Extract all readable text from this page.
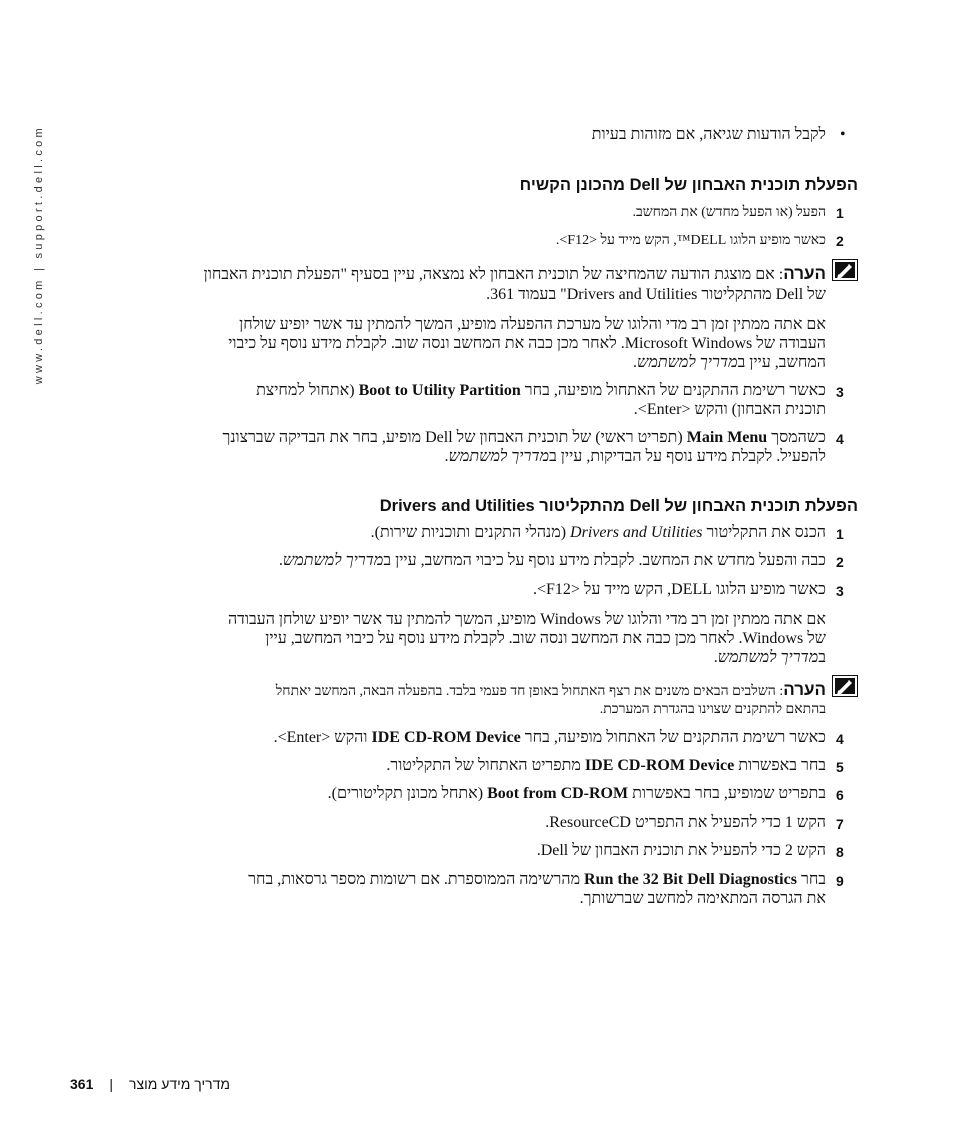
www.dell.com | support.dell.com	•
לקבל הודעות שגיאה, אם מזוהות בעיות
הפעלת תוכנית האבחון של Dell מהכונן הקשיח
1
הפעל (או הפעל מחדש) את המחשב.
2
כאשר מופיע הלוגו DELL™, הקש מייד על <F12>.
הערה: אם מוצגת הודעה שהמחיצה של תוכנית האבחון לא נמצאה, עיין בסעיף "הפעלת תוכנית האבחון
של Dell מהתקליטור Drivers and Utilities" בעמוד 361.
אם אתה ממתין זמן רב מדי והלוגו של מערכת ההפעלה מופיע, המשך להמתין עד אשר יופיע שולחן
העבודה של Microsoft Windows. לאחר מכן כבה את המחשב ונסה שוב. לקבלת מידע נוסף על כיבוי
המחשב, עיין במדריך למשתמש.
3
כאשר רשימת ההתקנים של האתחול מופיעה, בחר Boot to Utility Partition (אתחול למחיצת
תוכנית האבחון) והקש <Enter>.
4
כשהמסך Main Menu (תפריט ראשי) של תוכנית האבחון של Dell מופיע, בחר את הבדיקה שברצונך
להפעיל. לקבלת מידע נוסף על הבדיקות, עיין במדריך למשתמש.
הפעלת תוכנית האבחון של Dell מהתקליטור Drivers and Utilities
1
הכנס את התקליטור Drivers and Utilities (מנהלי התקנים ותוכניות שירות).
2
כבה והפעל מחדש את המחשב. לקבלת מידע נוסף על כיבוי המחשב, עיין במדריך למשתמש.
3
כאשר מופיע הלוגו DELL, הקש מייד על <F12>.
אם אתה ממתין זמן רב מדי והלוגו של Windows מופיע, המשך להמתין עד אשר יופיע שולחן העבודה
של Windows. לאחר מכן כבה את המחשב ונסה שוב. לקבלת מידע נוסף על כיבוי המחשב, עיין
במדריך למשתמש.
הערה: השלבים הבאים משנים את רצף האתחול באופן חד פעמי בלבד. בהפעלה הבאה, המחשב יאתחל
בהתאם להתקנים שצוינו בהגדרת המערכת.
4
כאשר רשימת ההתקנים של האתחול מופיעה, בחר IDE CD-ROM Device והקש <Enter>.
5
בחר באפשרות IDE CD-ROM Device מתפריט האתחול של התקליטור.
6
בתפריט שמופיע, בחר באפשרות Boot from CD-ROM (אתחל מכונן תקליטורים).
7
הקש 1 כדי להפעיל את התפריט ResourceCD.
8
הקש 2 כדי להפעיל את תוכנית האבחון של Dell.
9
בחר Run the 32 Bit Dell Diagnostics מהרשימה הממוספרת. אם רשומות מספר גרסאות, בחר
את הגרסה המתאימה למחשב שברשותך.
361 | מדריך מידע מוצר
